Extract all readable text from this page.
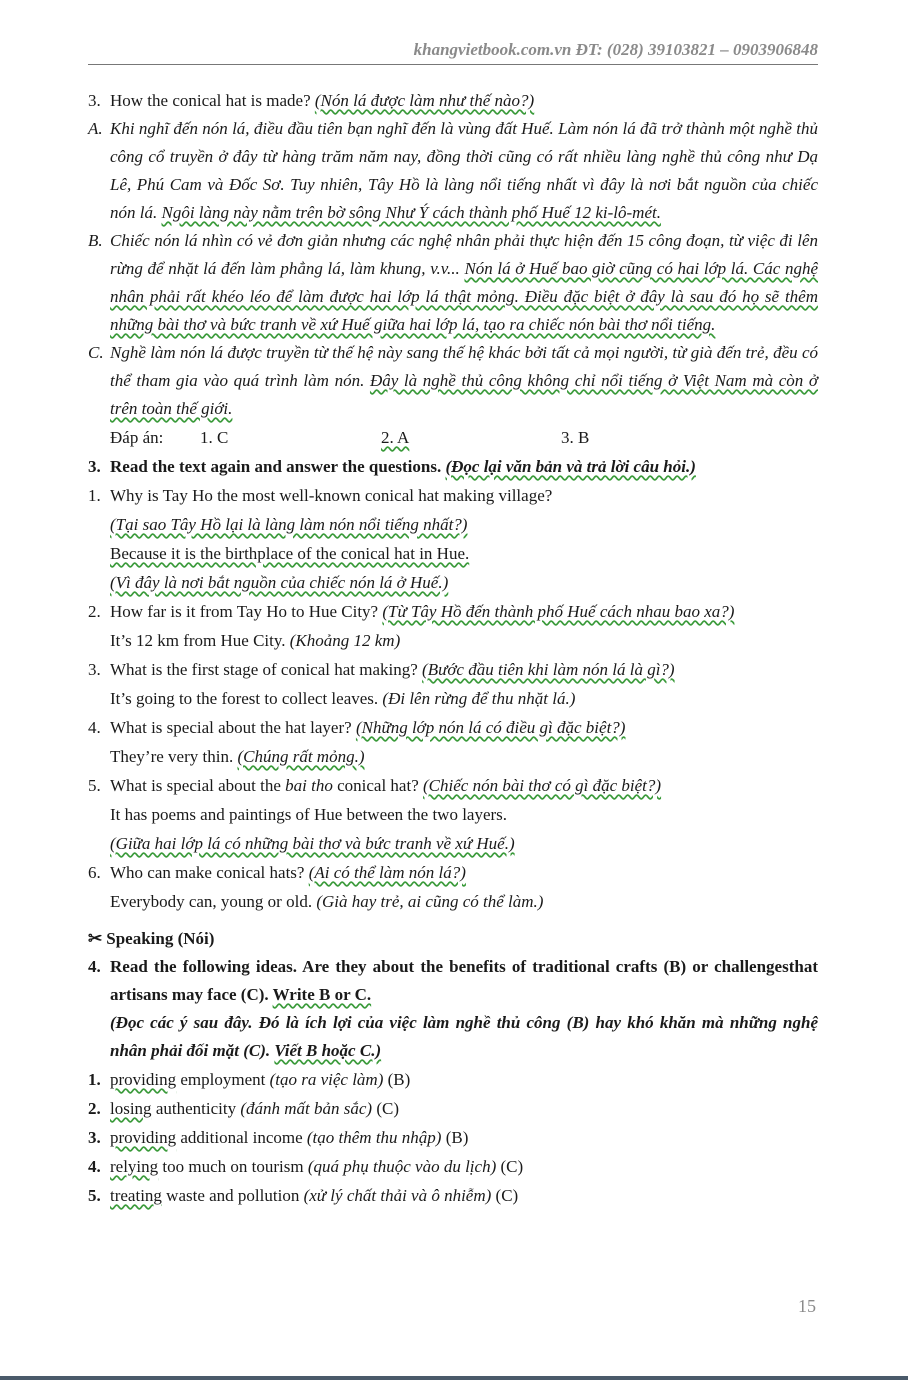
khangvietbook.com.vn ĐT: (028) 39103821 – 0903906848
3. How the conical hat is made? (Nón lá được làm như thế nào?)
A. Khi nghĩ đến nón lá, điều đầu tiên bạn nghĩ đến là vùng đất Huế. Làm nón lá đã trở thành một nghề thủ công cổ truyền ở đây từ hàng trăm năm nay, đồng thời cũng có rất nhiều làng nghề thủ công như Dạ Lê, Phú Cam và Đốc Sơ. Tuy nhiên, Tây Hồ là làng nổi tiếng nhất vì đây là nơi bắt nguồn của chiếc nón lá. Ngôi làng này nằm trên bờ sông Như Ý cách thành phố Huế 12 ki-lô-mét.
B. Chiếc nón lá nhìn có vẻ đơn giản nhưng các nghệ nhân phải thực hiện đến 15 công đoạn, từ việc đi lên rừng để nhặt lá đến làm phẳng lá, làm khung, v.v... Nón lá ở Huế bao giờ cũng có hai lớp lá. Các nghệ nhân phải rất khéo léo để làm được hai lớp lá thật mỏng. Điều đặc biệt ở đây là sau đó họ sẽ thêm những bài thơ và bức tranh về xứ Huế giữa hai lớp lá, tạo ra chiếc nón bài thơ nổi tiếng.
C. Nghề làm nón lá được truyền từ thế hệ này sang thế hệ khác bởi tất cả mọi người, từ già đến trẻ, đều có thể tham gia vào quá trình làm nón. Đây là nghề thủ công không chỉ nổi tiếng ở Việt Nam mà còn ở trên toàn thế giới.
Đáp án: 1. C	2. A	3. B
3. Read the text again and answer the questions. (Đọc lại văn bản và trả lời câu hỏi.)
1. Why is Tay Ho the most well-known conical hat making village?
(Tại sao Tây Hồ lại là làng làm nón nổi tiếng nhất?)
Because it is the birthplace of the conical hat in Hue.
(Vì đây là nơi bắt nguồn của chiếc nón lá ở Huế.)
2. How far is it from Tay Ho to Hue City? (Từ Tây Hồ đến thành phố Huế cách nhau bao xa?)
It’s 12 km from Hue City. (Khoảng 12 km)
3. What is the first stage of conical hat making? (Bước đầu tiên khi làm nón lá là gì?)
It’s going to the forest to collect leaves. (Đi lên rừng để thu nhặt lá.)
4. What is special about the hat layer? (Những lớp nón lá có điều gì đặc biệt?)
They’re very thin. (Chúng rất mỏng.)
5. What is special about the bai tho conical hat? (Chiếc nón bài thơ có gì đặc biệt?)
It has poems and paintings of Hue between the two layers.
(Giữa hai lớp lá có những bài thơ và bức tranh về xứ Huế.)
6. Who can make conical hats? (Ai có thể làm nón lá?)
Everybody can, young or old. (Già hay trẻ, ai cũng có thể làm.)
✂ Speaking (Nói)
4. Read the following ideas. Are they about the benefits of traditional crafts (B) or challengesthat artisans may face (C). Write B or C.
(Đọc các ý sau đây. Đó là ích lợi của việc làm nghề thủ công (B) hay khó khăn mà những nghệ nhân phải đối mặt (C). Viết B hoặc C.)
1. providing employment (tạo ra việc làm) (B)
2. losing authenticity (đánh mất bản sắc) (C)
3. providing additional income (tạo thêm thu nhập) (B)
4. relying too much on tourism (quá phụ thuộc vào du lịch) (C)
5. treating waste and pollution (xử lý chất thải và ô nhiễm) (C)
15
